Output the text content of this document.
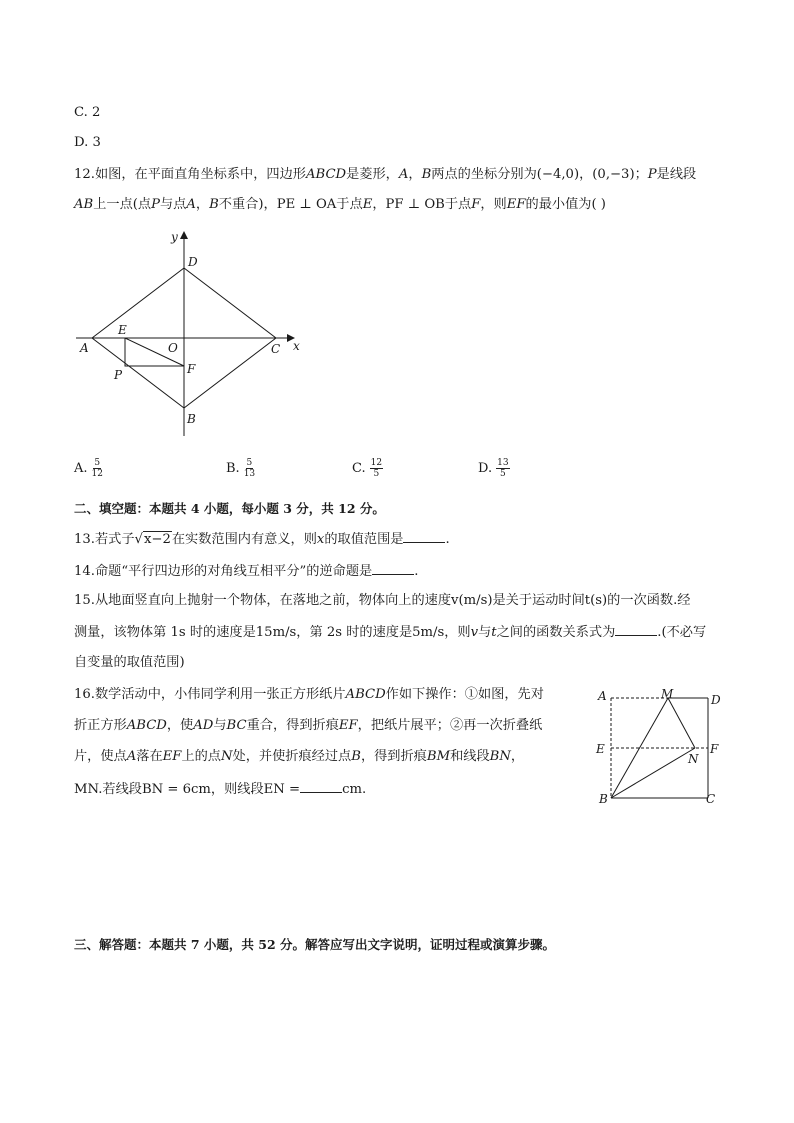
C. 2
D. 3
12.如图，在平面直角坐标系中，四边形ABCD是菱形，A，B两点的坐标分别为(−4,0)，(0,−3)；P是线段
AB上一点(点P与点A，B不重合)，PE ⊥ OA于点E，PF ⊥ OB于点F，则EF的最小值为( )
y
x
D
A
E
O	C
P	F
B
A. $\frac{5}{12}$	B. $\frac{5}{13}$	C. $\frac{12}{5}$	D. $\frac{13}{5}$
二、填空题：本题共 4 小题，每小题 3 分，共 12 分。
13.若式子√x−2在实数范围内有意义，则x的取值范围是	.
14.命题“平行四边形的对角线互相平分”的逆命题是	.
15.从地面竖直向上抛射一个物体，在落地之前，物体向上的速度v(m/s)是关于运动时间t(s)的一次函数.经
测量，该物体第 1s 时的速度是15m/s，第 2s 时的速度是5m/s，则v与t之间的函数关系式为	.(不必写
自变量的取值范围)
16.数学活动中，小伟同学利用一张正方形纸片ABCD作如下操作：①如图，先对
折正方形ABCD，使AD与BC重合，得到折痕EF，把纸片展平；②再一次折叠纸
片，使点A落在EF上的点N处，并使折痕经过点B，得到折痕BM和线段BN，
MN.若线段BN = 6cm，则线段EN =	cm.
A	M	D
E	F
N
B	C
三、解答题：本题共 7 小题，共 52 分。解答应写出文字说明，证明过程或演算步骤。
